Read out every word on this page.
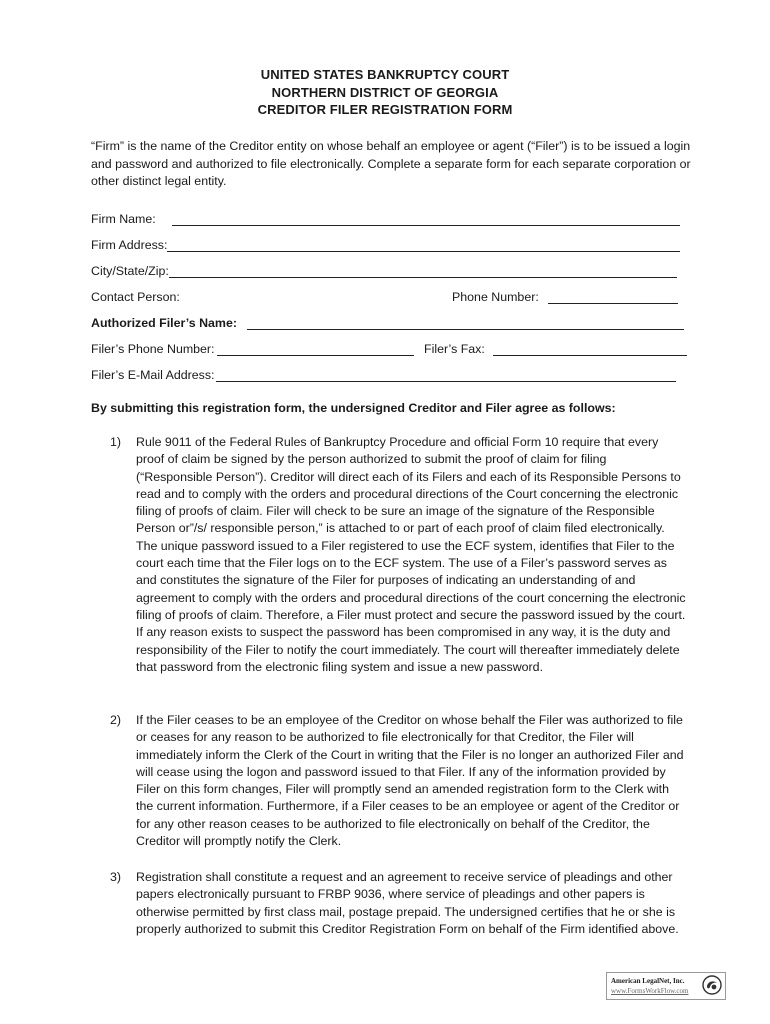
UNITED STATES BANKRUPTCY COURT
NORTHERN DISTRICT OF GEORGIA
CREDITOR FILER REGISTRATION FORM
“Firm” is the name of the Creditor entity on whose behalf an employee or agent (“Filer”) is to be issued a login and password and authorized to file electronically. Complete a separate form for each separate corporation or other distinct legal entity.
Firm Name:
Firm Address:
City/State/Zip:
Contact Person:	Phone Number:
Authorized Filer’s Name:
Filer’s Phone Number:	Filer’s Fax:
Filer’s E-Mail Address:
By submitting this registration form, the undersigned Creditor and Filer agree as follows:
1) Rule 9011 of the Federal Rules of Bankruptcy Procedure and official Form 10 require that every proof of claim be signed by the person authorized to submit the proof of claim for filing (“Responsible Person”). Creditor will direct each of its Filers and each of its Responsible Persons to read and to comply with the orders and procedural directions of the Court concerning the electronic filing of proofs of claim. Filer will check to be sure an image of the signature of the Responsible Person or”/s/ responsible person,” is attached to or part of each proof of claim filed electronically. The unique password issued to a Filer registered to use the ECF system, identifies that Filer to the court each time that the Filer logs on to the ECF system. The use of a Filer’s password serves as and constitutes the signature of the Filer for purposes of indicating an understanding of and agreement to comply with the orders and procedural directions of the court concerning the electronic filing of proofs of claim. Therefore, a Filer must protect and secure the password issued by the court. If any reason exists to suspect the password has been compromised in any way, it is the duty and responsibility of the Filer to notify the court immediately. The court will thereafter immediately delete that password from the electronic filing system and issue a new password.
2) If the Filer ceases to be an employee of the Creditor on whose behalf the Filer was authorized to file or ceases for any reason to be authorized to file electronically for that Creditor, the Filer will immediately inform the Clerk of the Court in writing that the Filer is no longer an authorized Filer and will cease using the logon and password issued to that Filer. If any of the information provided by Filer on this form changes, Filer will promptly send an amended registration form to the Clerk with the current information. Furthermore, if a Filer ceases to be an employee or agent of the Creditor or for any other reason ceases to be authorized to file electronically on behalf of the Creditor, the Creditor will promptly notify the Clerk.
3) Registration shall constitute a request and an agreement to receive service of pleadings and other papers electronically pursuant to FRBP 9036, where service of pleadings and other papers is otherwise permitted by first class mail, postage prepaid. The undersigned certifies that he or she is properly authorized to submit this Creditor Registration Form on behalf of the Firm identified above.
American LegalNet, Inc.
www.FormsWorkFlow.com
